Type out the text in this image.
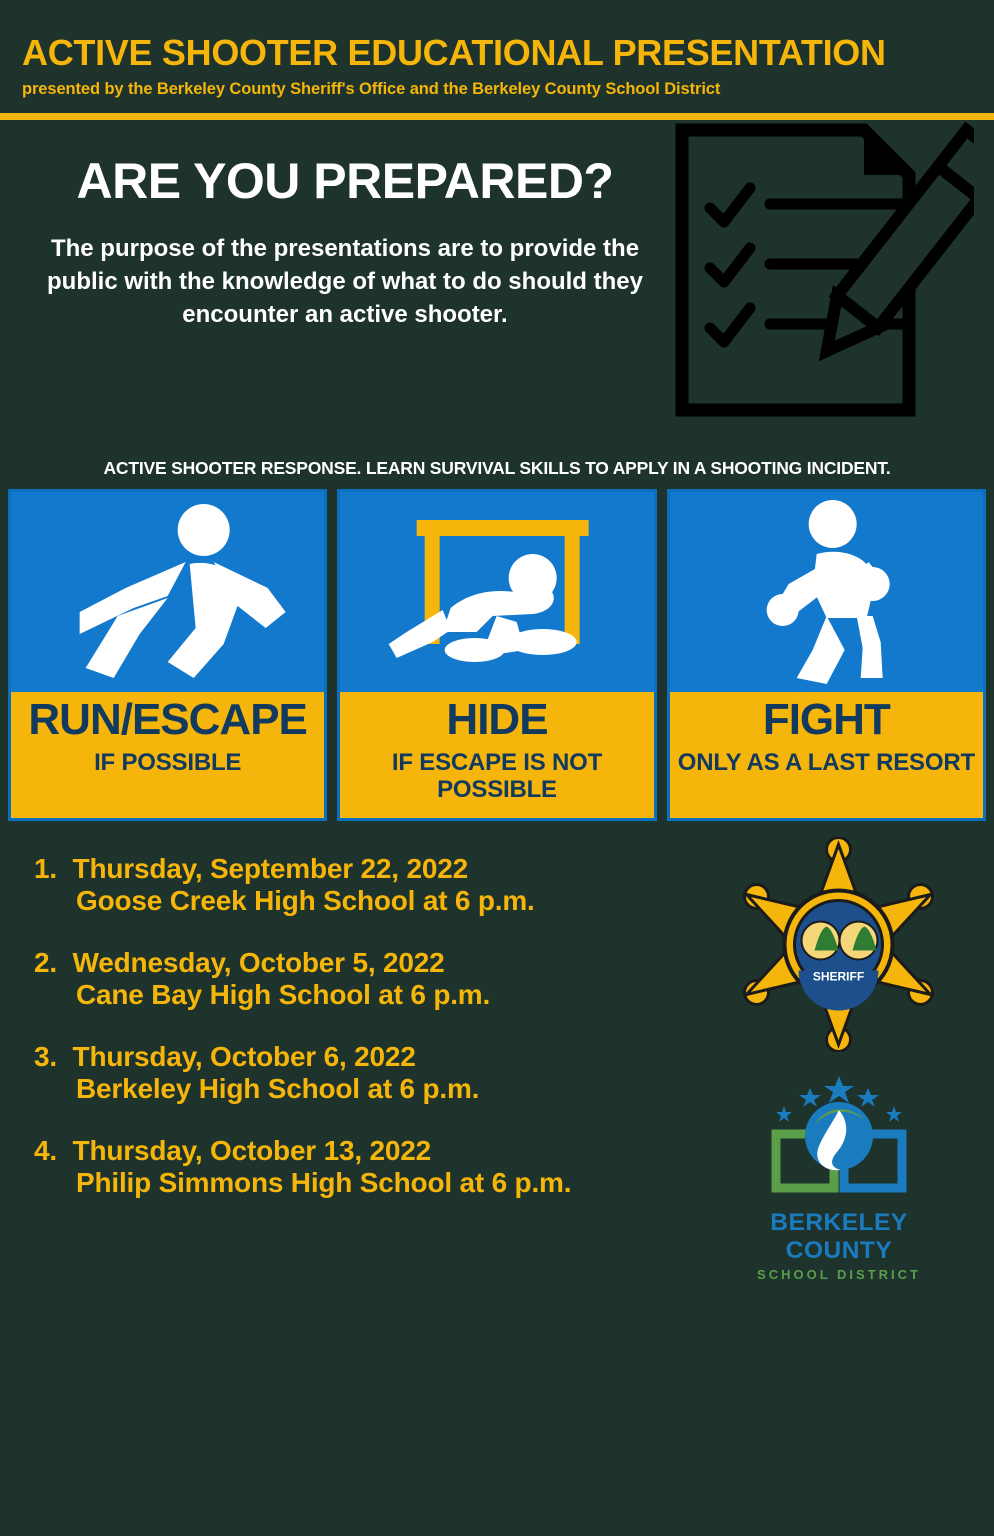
ACTIVE SHOOTER EDUCATIONAL PRESENTATION
presented by the Berkeley County Sheriff's Office and the Berkeley County School District
ARE YOU PREPARED?
The purpose of the presentations are to provide the public with the knowledge of what to do should they encounter an active shooter.
ACTIVE SHOOTER RESPONSE. LEARN SURVIVAL SKILLS TO APPLY IN A SHOOTING INCIDENT.
RUN/ESCAPE
IF POSSIBLE
HIDE
IF ESCAPE IS NOT POSSIBLE
FIGHT
ONLY AS A LAST RESORT
1. Thursday, September 22, 2022
Goose Creek High School at 6 p.m.
2. Wednesday, October 5, 2022
Cane Bay High School at 6 p.m.
3. Thursday, October 6, 2022
Berkeley High School at 6 p.m.
4. Thursday, October 13, 2022
Philip Simmons High School at 6 p.m.
SHERIFF
BERKELEY COUNTY
SCHOOL DISTRICT
